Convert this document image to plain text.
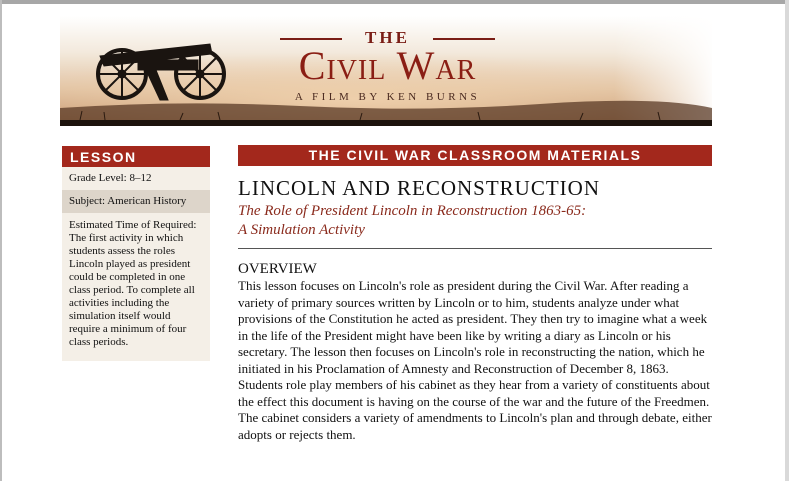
THE
Civil War
A FILM BY KEN BURNS
LESSON
Grade Level: 8–12
Subject: American History
Estimated Time of Required:
The first activity in which students assess the roles Lincoln played as president could be completed in one class period. To complete all activities including the simulation itself would require a minimum of four class periods.
THE CIVIL WAR CLASSROOM MATERIALS
LINCOLN AND RECONSTRUCTION
The Role of President Lincoln in Reconstruction 1863-65:
A Simulation Activity
OVERVIEW

This lesson focuses on Lincoln's role as president during the Civil War. After reading a variety of primary sources written by Lincoln or to him, students analyze under what provisions of the Constitution he acted as president. They then try to imagine what a week in the life of the President might have been like by writing a diary as Lincoln or his secretary. The lesson then focuses on Lincoln's role in reconstructing the nation, which he initiated in his Proclamation of Amnesty and Reconstruction of December 8, 1863. Students role play members of his cabinet as they hear from a variety of constituents about the effect this document is having on the course of the war and the future of the Freedmen. The cabinet considers a variety of amendments to Lincoln's plan and through debate, either adopts or rejects them.
